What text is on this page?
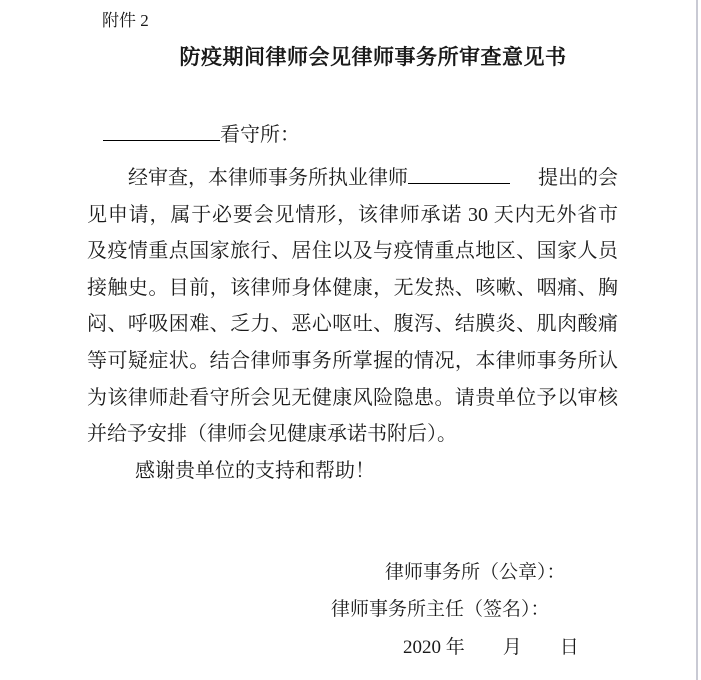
附件 2
防疫期间律师会见律师事务所审查意见书
看守所：
经审查，本律师事务所执业律师	提出的会
见申请，属于必要会见情形，该律师承诺 30 天内无外省市
及疫情重点国家旅行、居住以及与疫情重点地区、国家人员
接触史。目前，该律师身体健康，无发热、咳嗽、咽痛、胸
闷、呼吸困难、乏力、恶心呕吐、腹泻、结膜炎、肌肉酸痛
等可疑症状。结合律师事务所掌握的情况，本律师事务所认
为该律师赴看守所会见无健康风险隐患。请贵单位予以审核
并给予安排（律师会见健康承诺书附后）。
感谢贵单位的支持和帮助！
律师事务所（公章）：
律师事务所主任（签名）：
2020 年　　月　　日
